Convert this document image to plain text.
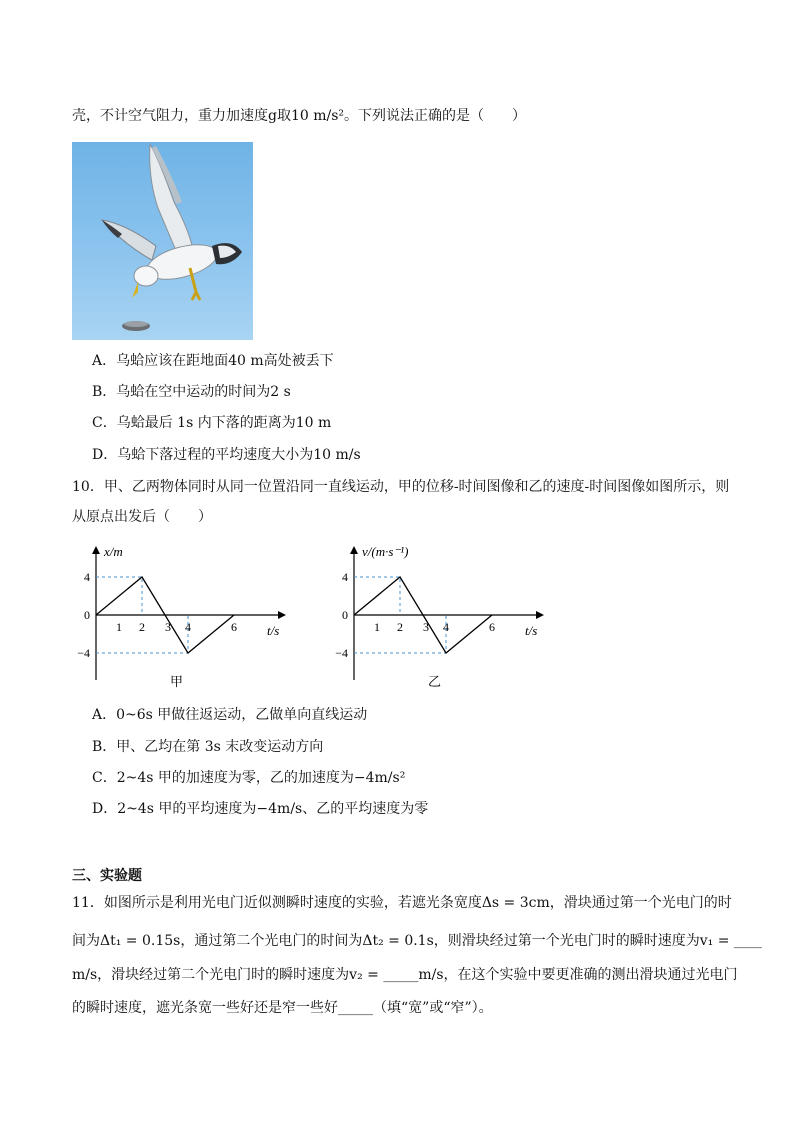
壳，不计空气阻力，重力加速度g取10 m/s²。下列说法正确的是（　　）
A．乌蛤应该在距地面40 m高处被丢下
B．乌蛤在空中运动的时间为2 s
C．乌蛤最后 1s 内下落的距离为10 m
D．乌蛤下落过程的平均速度大小为10 m/s
10．甲、乙两物体同时从同一位置沿同一直线运动，甲的位移-时间图像和乙的速度-时间图像如图所示，则
从原点出发后（　　）
x/m
t/s
4
0
−4
1 2 3 4	6
甲
v/(m·s⁻¹)
t/s
4
0
−4
1 2 3 4	6
乙
A．0~6s 甲做往返运动，乙做单向直线运动
B．甲、乙均在第 3s 末改变运动方向
C．2~4s 甲的加速度为零，乙的加速度为−4m/s²
D．2~4s 甲的平均速度为−4m/s、乙的平均速度为零
三、实验题
11．如图所示是利用光电门近似测瞬时速度的实验，若遮光条宽度Δs = 3cm，滑块通过第一个光电门的时
间为Δt₁ = 0.15s，通过第二个光电门的时间为Δt₂ = 0.1s，则滑块经过第一个光电门时的瞬时速度为v₁ = ____
m/s，滑块经过第二个光电门时的瞬时速度为v₂ = _____m/s，在这个实验中要更准确的测出滑块通过光电门
的瞬时速度，遮光条宽一些好还是窄一些好_____（填“宽”或“窄”）。
